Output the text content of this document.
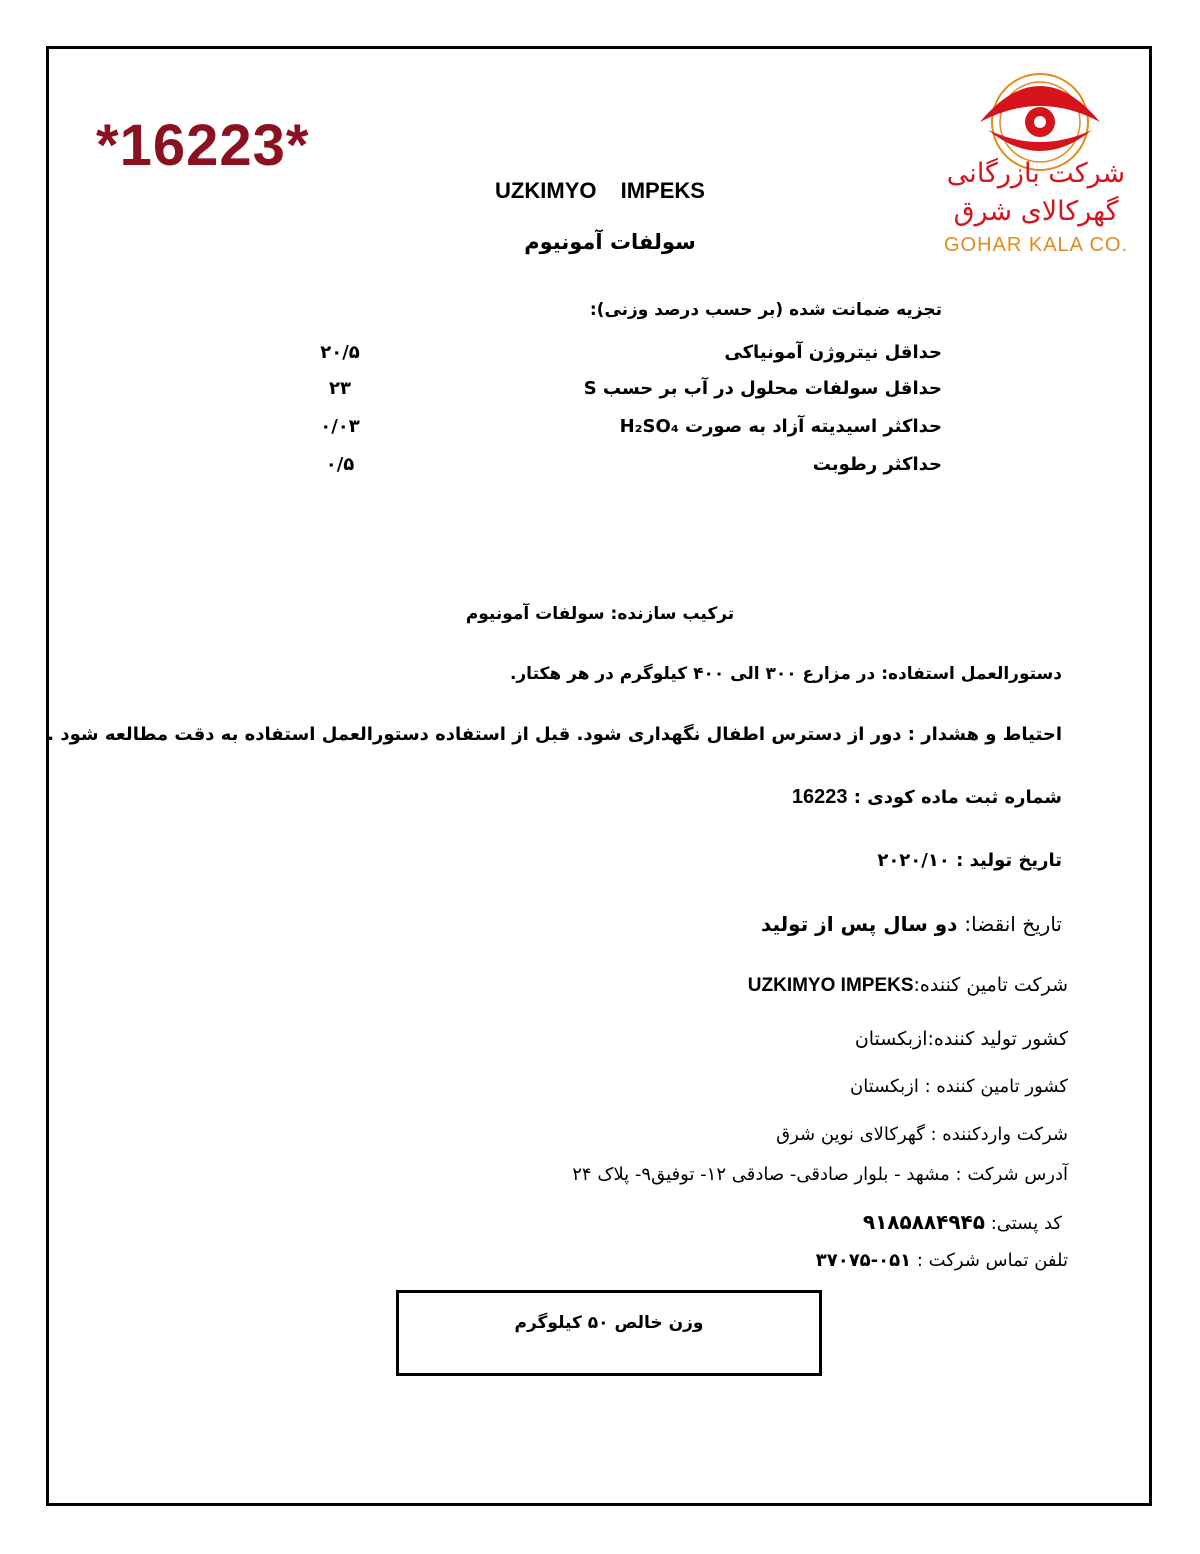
*16223*	شرکت بازرگانی
گهرکالای شرق
GOHAR KALA CO.
UZKIMYO IMPEKS
سولفات آمونیوم
تجزیه ضمانت شده (بر حسب درصد وزنی):
حداقل نیتروژن آمونیاکی
۲۰/۵
حداقل سولفات محلول در آب بر حسب S
۲۳
حداکثر اسیدیته آزاد به صورت H₂SO₄
۰/۰۳
حداکثر رطوبت
۰/۵
ترکیب سازنده: سولفات آمونیوم
دستورالعمل استفاده: در مزارع ۳۰۰ الی ۴۰۰ کیلوگرم در هر هکتار.
احتیاط و هشدار : دور از دسترس اطفال نگهداری شود. قبل از استفاده دستورالعمل استفاده به دقت مطالعه شود .
شماره ثبت ماده کودی : 16223
تاریخ تولید : ۲۰۲۰/۱۰
تاریخ انقضا: دو سال پس از تولید
شرکت تامین کننده:UZKIMYO IMPEKS
کشور تولید کننده:ازبکستان
کشور تامین کننده : ازبکستان
شرکت واردکننده : گهرکالای نوین شرق
آدرس شرکت : مشهد - بلوار صادقی- صادقی ۱۲- توفیق۹- پلاک ۲۴
کد پستی: ۹۱۸۵۸۸۴۹۴۵
تلفن تماس شرکت : ۰۵۱-۳۷۰۷۵
وزن خالص ۵۰ کیلوگرم
